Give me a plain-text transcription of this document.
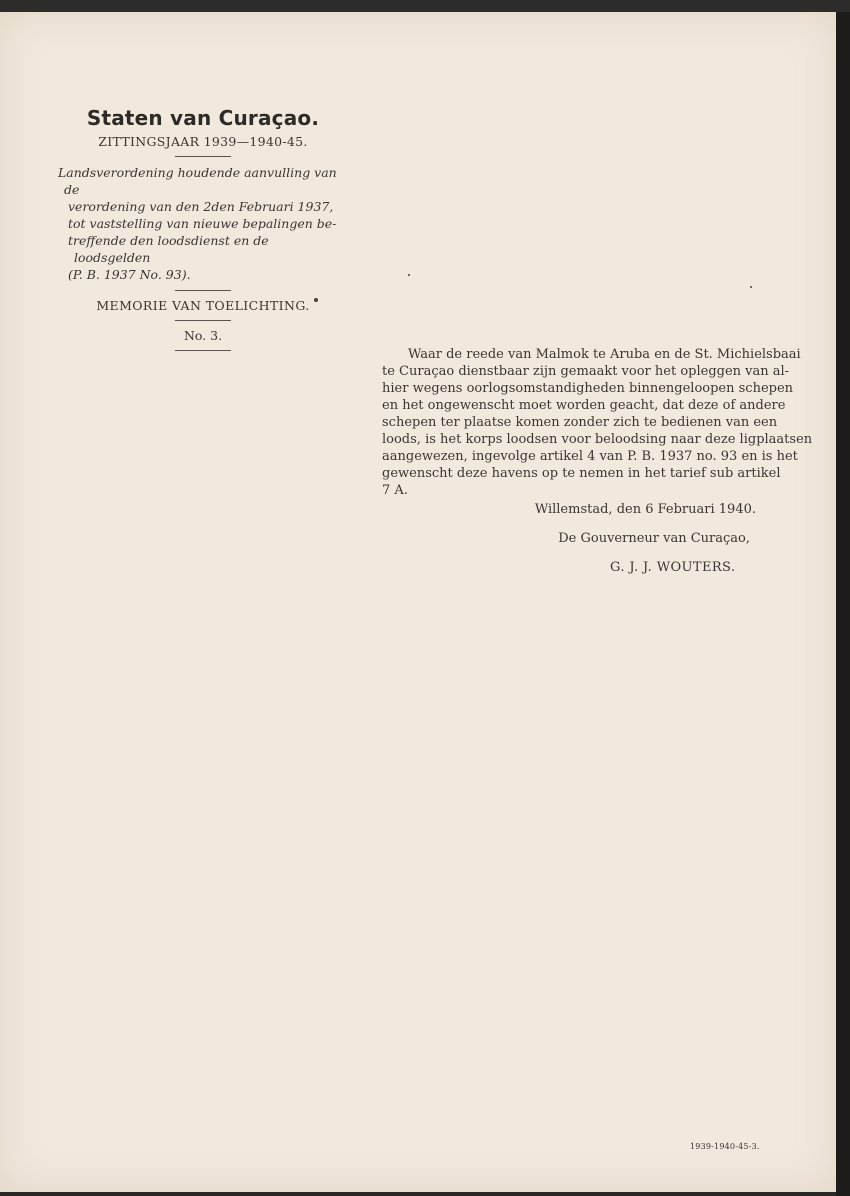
Staten van Curaçao.
ZITTINGSJAAR 1939—1940-45.
Landsverordening houdende aanvulling van de
verordening van den 2den Februari 1937,
tot vaststelling van nieuwe bepalingen be-
treffende den loodsdienst en de loodsgelden
(P. B. 1937 No. 93).
MEMORIE VAN TOELICHTING.
No. 3.
Waar de reede van Malmok te Aruba en de St. Michielsbaai
te Curaçao dienstbaar zijn gemaakt voor het opleggen van al-
hier wegens oorlogsomstandigheden binnengeloopen schepen
en het ongewenscht moet worden geacht, dat deze of andere
schepen ter plaatse komen zonder zich te bedienen van een
loods, is het korps loodsen voor beloodsing naar deze ligplaatsen
aangewezen, ingevolge artikel 4 van P. B. 1937 no. 93 en is het
gewenscht deze havens op te nemen in het tarief sub artikel
7 A.
Willemstad, den 6 Februari 1940.
De Gouverneur van Curaçao,
G. J. J. WOUTERS.
1939-1940-45-3.
